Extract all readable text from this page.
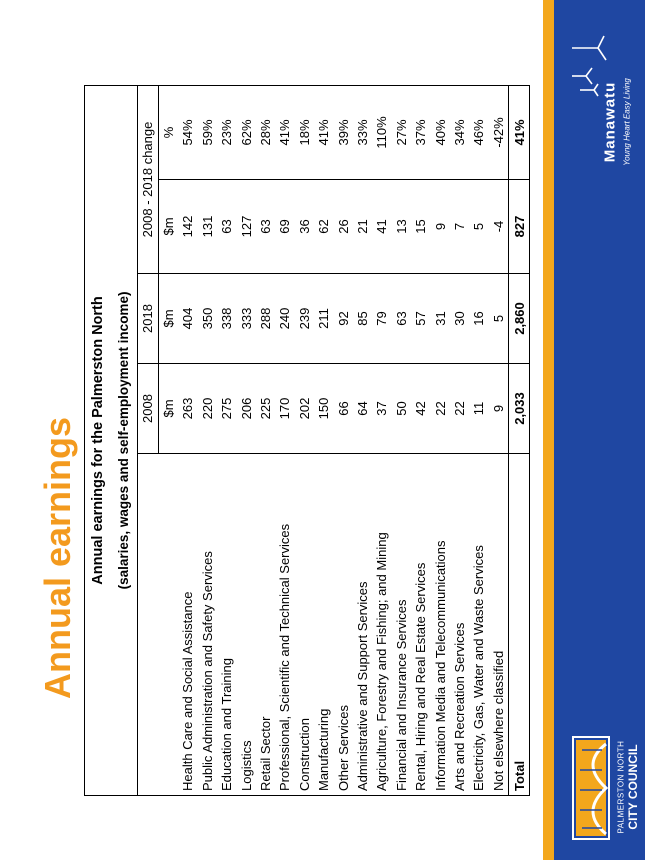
Annual earnings Annual earnings for the Palmerston North				
(salaries, wages and self-employment income)				
	2008	2018	2008 - 2018 change	
	$m	$m	$m	%
Health Care and Social Assistance	263	404	142	54%
Public Administration and Safety Services	220	350	131	59%
Education and Training	275	338	63	23%
Logistics	206	333	127	62%
Retail Sector	225	288	63	28%
Professional, Scientific and Technical Services	170	240	69	41%
Construction	202	239	36	18%
Manufacturing	150	211	62	41%
Other Services	66	92	26	39%
Administrative and Support Services	64	85	21	33%
Agriculture, Forestry and Fishing; and Mining	37	79	41	110%
Financial and Insurance Services	50	63	13	27%
Rental, Hiring and Real Estate Services	42	57	15	37%
Information Media and Telecommunications	22	31	9	40%
Arts and Recreation Services	22	30	7	34%
Electricity, Gas, Water and Waste Services	11	16	5	46%
Not elsewhere classified	9	5	-4	-42%
Total	2,033	2,860	827	41%
PALMERSTON NORTH CITY COUNCIL
Manawatu Young Heart Easy Living
